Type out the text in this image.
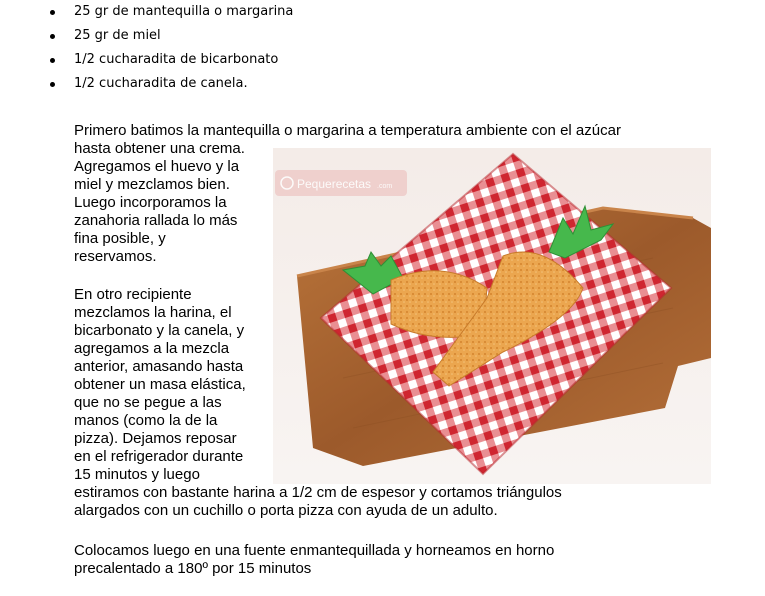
25 gr de mantequilla o margarina
25 gr de miel
1/2 cucharadita de bicarbonato
1/2 cucharadita de canela.

Primero batimos la mantequilla o margarina a temperatura ambiente con el azúcar
hasta obtener una crema.
Agregamos el huevo y la
miel y mezclamos bien.
Luego incorporamos la
zanahoria rallada lo más
fina posible, y
reservamos.

En otro recipiente
mezclamos la harina, el
bicarbonato y la canela, y
agregamos a la mezcla
anterior, amasando hasta
obtener un masa elástica,
que no se pegue a las
manos (como la de la
pizza). Dejamos reposar
en el refrigerador durante
15 minutos y luego
estiramos con bastante harina a 1/2 cm de espesor y cortamos triángulos
alargados con un cuchillo o porta pizza con ayuda de un adulto.

Colocamos luego en una fuente enmantequillada y horneamos en horno
precalentado a 180º por 15 minutos

Pequerecetas .com
